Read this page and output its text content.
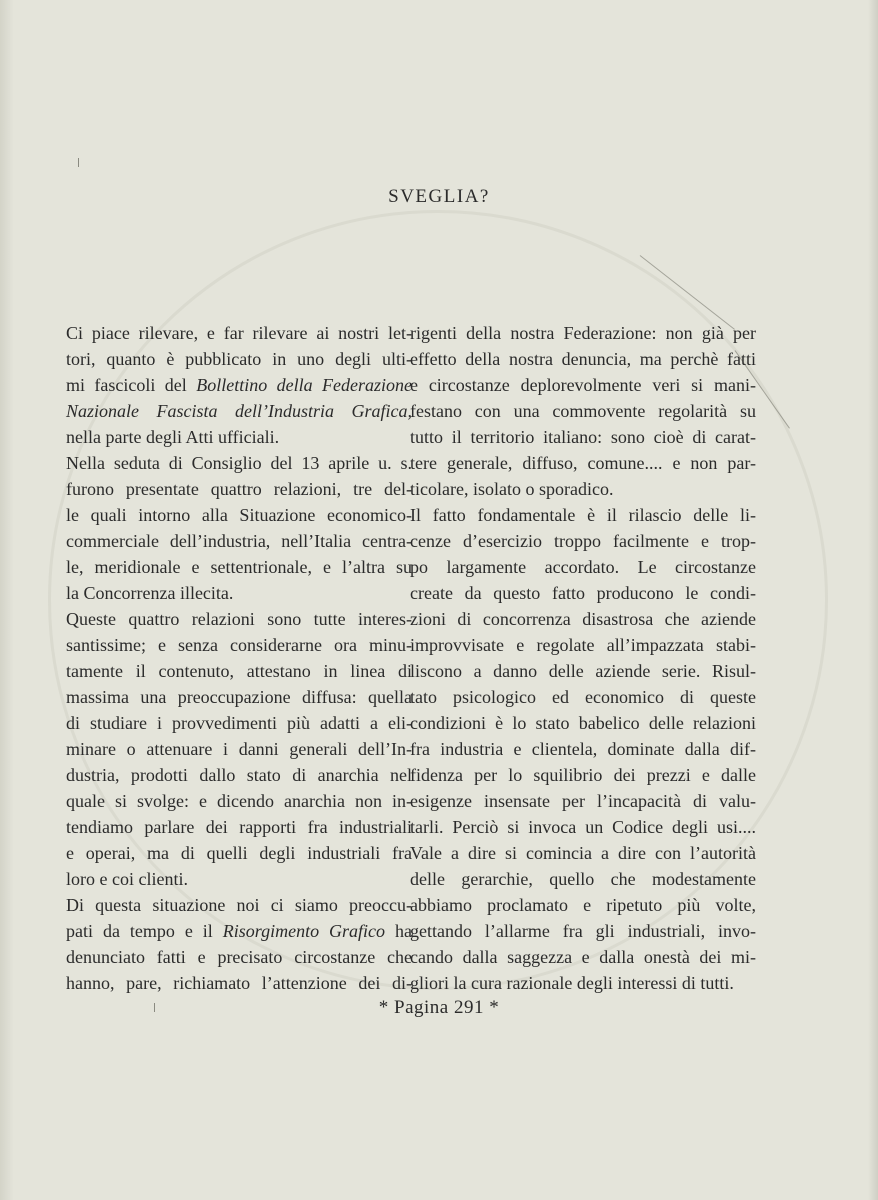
SVEGLIA?
Ci piace rilevare, e far rilevare ai nostri let-
tori, quanto è pubblicato in uno degli ulti-
mi fascicoli del Bollettino della Federazione
Nazionale Fascista dell’Industria Grafica,
nella parte degli Atti ufficiali.
Nella seduta di Consiglio del 13 aprile u. s.
furono presentate quattro relazioni, tre del-
le quali intorno alla Situazione economico-
commerciale dell’industria, nell’Italia centra-
le, meridionale e settentrionale, e l’altra su
la Concorrenza illecita.
Queste quattro relazioni sono tutte interes-
santissime; e senza considerarne ora minu-
tamente il contenuto, attestano in linea di
massima una preoccupazione diffusa: quella
di studiare i provvedimenti più adatti a eli-
minare o attenuare i danni generali dell’In-
dustria, prodotti dallo stato di anarchia nel
quale si svolge: e dicendo anarchia non in-
tendiamo parlare dei rapporti fra industriali
e operai, ma di quelli degli industriali fra
loro e coi clienti.
Di questa situazione noi ci siamo preoccu-
pati da tempo e il Risorgimento Grafico ha
denunciato fatti e precisato circostanze che
hanno, pare, richiamato l’attenzione dei di-
rigenti della nostra Federazione: non già per
effetto della nostra denuncia, ma perchè fatti
e circostanze deplorevolmente veri si mani-
festano con una commovente regolarità su
tutto il territorio italiano: sono cioè di carat-
tere generale, diffuso, comune.... e non par-
ticolare, isolato o sporadico.
Il fatto fondamentale è il rilascio delle li-
cenze d’esercizio troppo facilmente e trop-
po largamente accordato. Le circostanze
create da questo fatto producono le condi-
zioni di concorrenza disastrosa che aziende
improvvisate e regolate all’impazzata stabi-
liscono a danno delle aziende serie. Risul-
tato psicologico ed economico di queste
condizioni è lo stato babelico delle relazioni
fra industria e clientela, dominate dalla dif-
fidenza per lo squilibrio dei prezzi e dalle
esigenze insensate per l’incapacità di valu-
tarli. Perciò si invoca un Codice degli usi....
Vale a dire si comincia a dire con l’autorità
delle gerarchie, quello che modestamente
abbiamo proclamato e ripetuto più volte,
gettando l’allarme fra gli industriali, invo-
cando dalla saggezza e dalla onestà dei mi-
gliori la cura razionale degli interessi di tutti.
* Pagina 291 *
